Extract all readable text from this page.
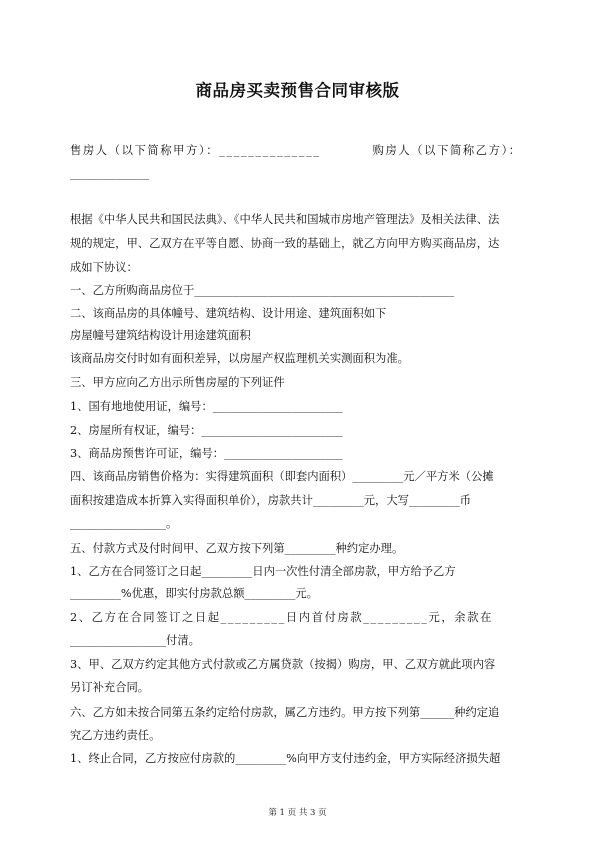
商品房买卖预售合同审核版
售房人（以下简称甲方）：______________	购房人（以下简称乙方）：
______________
根据《中华人民共和国民法典》、《中华人民共和国城市房地产管理法》及相关法律、法
规的规定，甲、乙双方在平等自愿、协商一致的基础上，就乙方向甲方购买商品房，达
成如下协议：
一、乙方所购商品房位于______________________________________________
二、该商品房的具体幢号、建筑结构、设计用途、建筑面积如下
房屋幢号建筑结构设计用途建筑面积
该商品房交付时如有面积差异，以房屋产权监理机关实测面积为准。
三、甲方应向乙方出示所售房屋的下列证件
1、国有地地使用证，编号：_______________________
2、房屋所有权证，编号：_________________________
3、商品房预售许可证，编号：_____________________
四、该商品房销售价格为：实得建筑面积（即套内面积）_________元／平方米（公摊
面积按建造成本折算入实得面积单价），房款共计_________元，大写_________币
_________________。
五、付款方式及付时间甲、乙双方按下列第_________种约定办理。
1、乙方在合同签订之日起_________日内一次性付清全部房款，甲方给予乙方
_________%优惠，即实付房款总额_________元。
2、乙方在合同签订之日起_________日内首付房款_________元，余款在
_________________付清。
3、甲、乙双方约定其他方式付款或乙方属贷款（按揭）购房，甲、乙双方就此项内容
另订补充合同。
六、乙方如未按合同第五条约定给付房款，属乙方违约。甲方按下列第______种约定追
究乙方违约责任。
1、终止合同，乙方按应付房款的_________%向甲方支付违约金，甲方实际经济损失超
第 1 页 共 3 页
